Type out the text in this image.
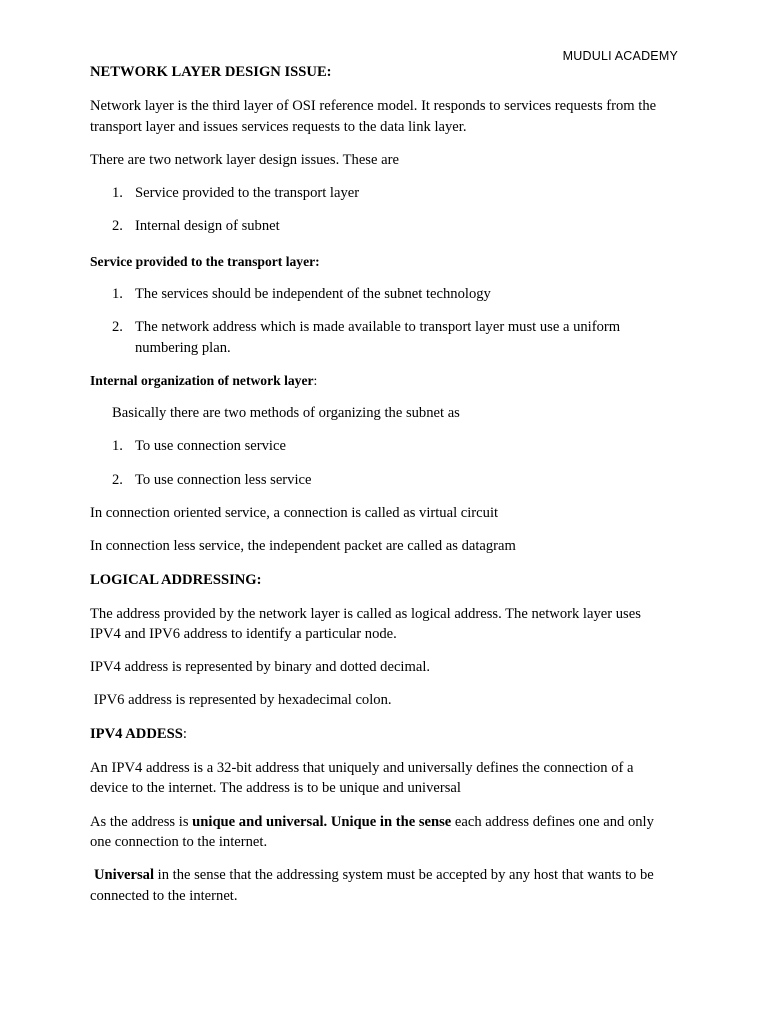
MUDULI ACADEMY

NETWORK LAYER DESIGN ISSUE:

Network layer is the third layer of OSI reference model. It responds to services requests from the

transport layer and issues services requests to the data link layer.

There are two network layer design issues. These are

1. Service provided to the transport layer

2. Internal design of subnet

Service provided to the transport layer:

1. The services should be independent of the subnet technology

2. The network address which is made available to transport layer must use a uniform

numbering plan.

Internal organization of network layer:

Basically there are two methods of organizing the subnet as

1. To use connection service

2. To use connection less service

In connection oriented service, a connection is called as virtual circuit

In connection less service, the independent packet are called as datagram

LOGICAL ADDRESSING:

The address provided by the network layer is called as logical address. The network layer uses

IPV4 and IPV6 address to identify a particular node.

IPV4 address is represented by binary and dotted decimal.

IPV6 address is represented by hexadecimal colon.

IPV4 ADDESS:

An IPV4 address is a 32-bit address that uniquely and universally defines the connection of a

device to the internet. The address is to be unique and universal

As the address is unique and universal. Unique in the sense each address defines one and only

one connection to the internet.

Universal in the sense that the addressing system must be accepted by any host that wants to be

connected to the internet.
